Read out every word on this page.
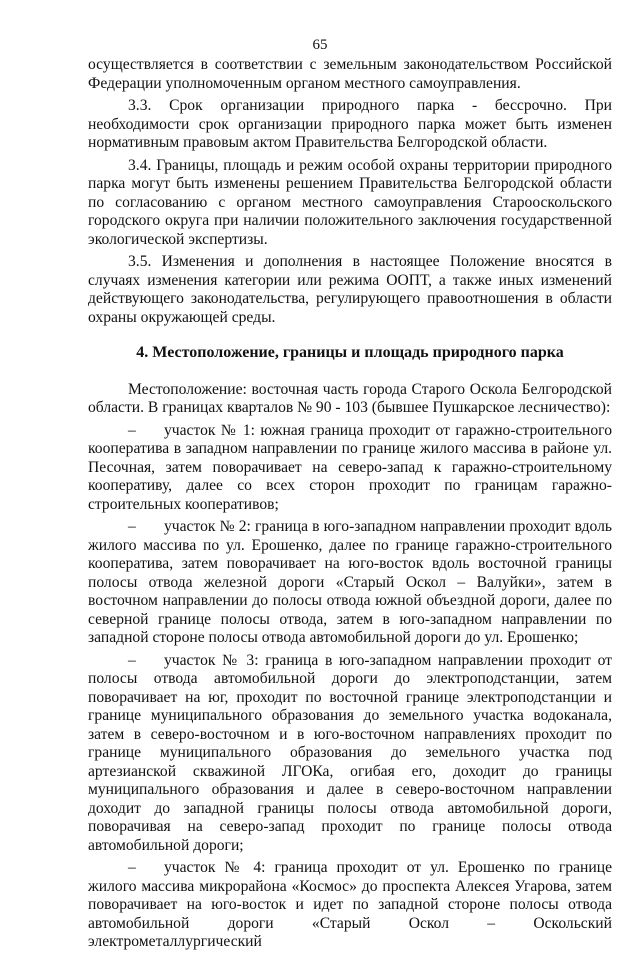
65

осуществляется в соответствии с земельным законодательством Российской Федерации уполномоченным органом местного самоуправления.

3.3. Срок организации природного парка - бессрочно. При необходимости срок организации природного парка может быть изменен нормативным правовым актом Правительства Белгородской области.

3.4. Границы, площадь и режим особой охраны территории природного парка могут быть изменены решением Правительства Белгородской области по согласованию с органом местного самоуправления Старооскольского городского округа при наличии положительного заключения государственной экологической экспертизы.

3.5. Изменения и дополнения в настоящее Положение вносятся в случаях изменения категории или режима ООПТ, а также иных изменений действующего законодательства, регулирующего правоотношения в области охраны окружающей среды.

4. Местоположение, границы и площадь природного парка

Местоположение: восточная часть города Старого Оскола Белгородской области. В границах кварталов № 90 - 103 (бывшее Пушкарское лесничество):

– участок № 1: южная граница проходит от гаражно-строительного кооператива в западном направлении по границе жилого массива в районе ул. Песочная, затем поворачивает на северо-запад к гаражно-строительному кооперативу, далее со всех сторон проходит по границам гаражно-строительных кооперативов;

– участок № 2: граница в юго-западном направлении проходит вдоль жилого массива по ул. Ерошенко, далее по границе гаражно-строительного кооператива, затем поворачивает на юго-восток вдоль восточной границы полосы отвода железной дороги «Старый Оскол – Валуйки», затем в восточном направлении до полосы отвода южной объездной дороги, далее по северной границе полосы отвода, затем в юго-западном направлении по западной стороне полосы отвода автомобильной дороги до ул. Ерошенко;

– участок № 3: граница в юго-западном направлении проходит от полосы отвода автомобильной дороги до электроподстанции, затем поворачивает на юг, проходит по восточной границе электроподстанции и границе муниципального образования до земельного участка водоканала, затем в северо-восточном и в юго-восточном направлениях проходит по границе муниципального образования до земельного участка под артезианской скважиной ЛГОКа, огибая его, доходит до границы муниципального образования и далее в северо-восточном направлении доходит до западной границы полосы отвода автомобильной дороги, поворачивая на северо-запад проходит по границе полосы отвода автомобильной дороги;

– участок № 4: граница проходит от ул. Ерошенко по границе жилого массива микрорайона «Космос» до проспекта Алексея Угарова, затем поворачивает на юго-восток и идет по западной стороне полосы отвода автомобильной дороги «Старый Оскол – Оскольский электрометаллургический
